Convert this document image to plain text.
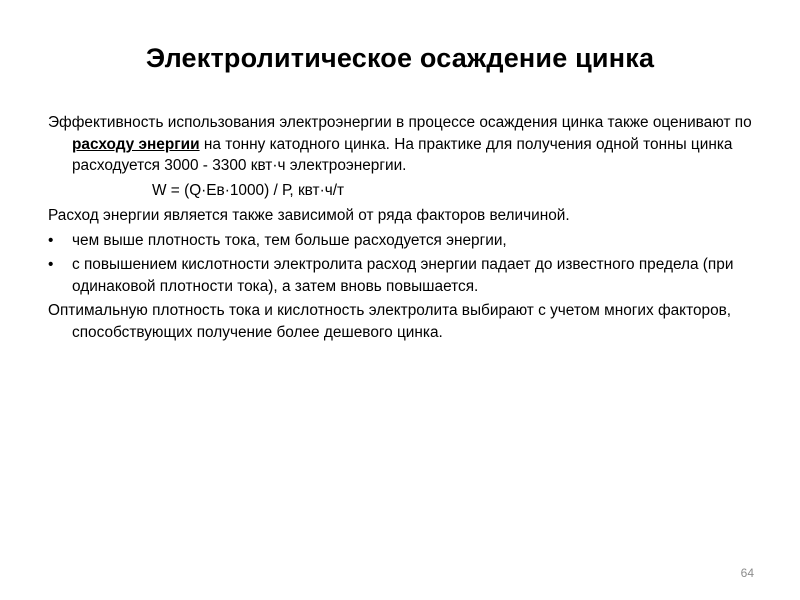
Электролитическое осаждение цинка

Эффективность использования электроэнергии в процессе осаждения цинка также оценивают по расходу энергии на тонну катодного цинка. На практике для получения одной тонны цинка расходуется 3000 - 3300 квт·ч электроэнергии.

W = (Q·Ев·1000) / Р, квт·ч/т

Расход энергии является также зависимой от ряда факторов величиной.

• чем выше плотность тока, тем больше расходуется энергии,
• с повышением кислотности электролита расход энергии падает до известного предела (при одинаковой плотности тока), а затем вновь повышается.

Оптимальную плотность тока и кислотность электролита выбирают с учетом многих факторов, способствующих получение более дешевого цинка.

64
